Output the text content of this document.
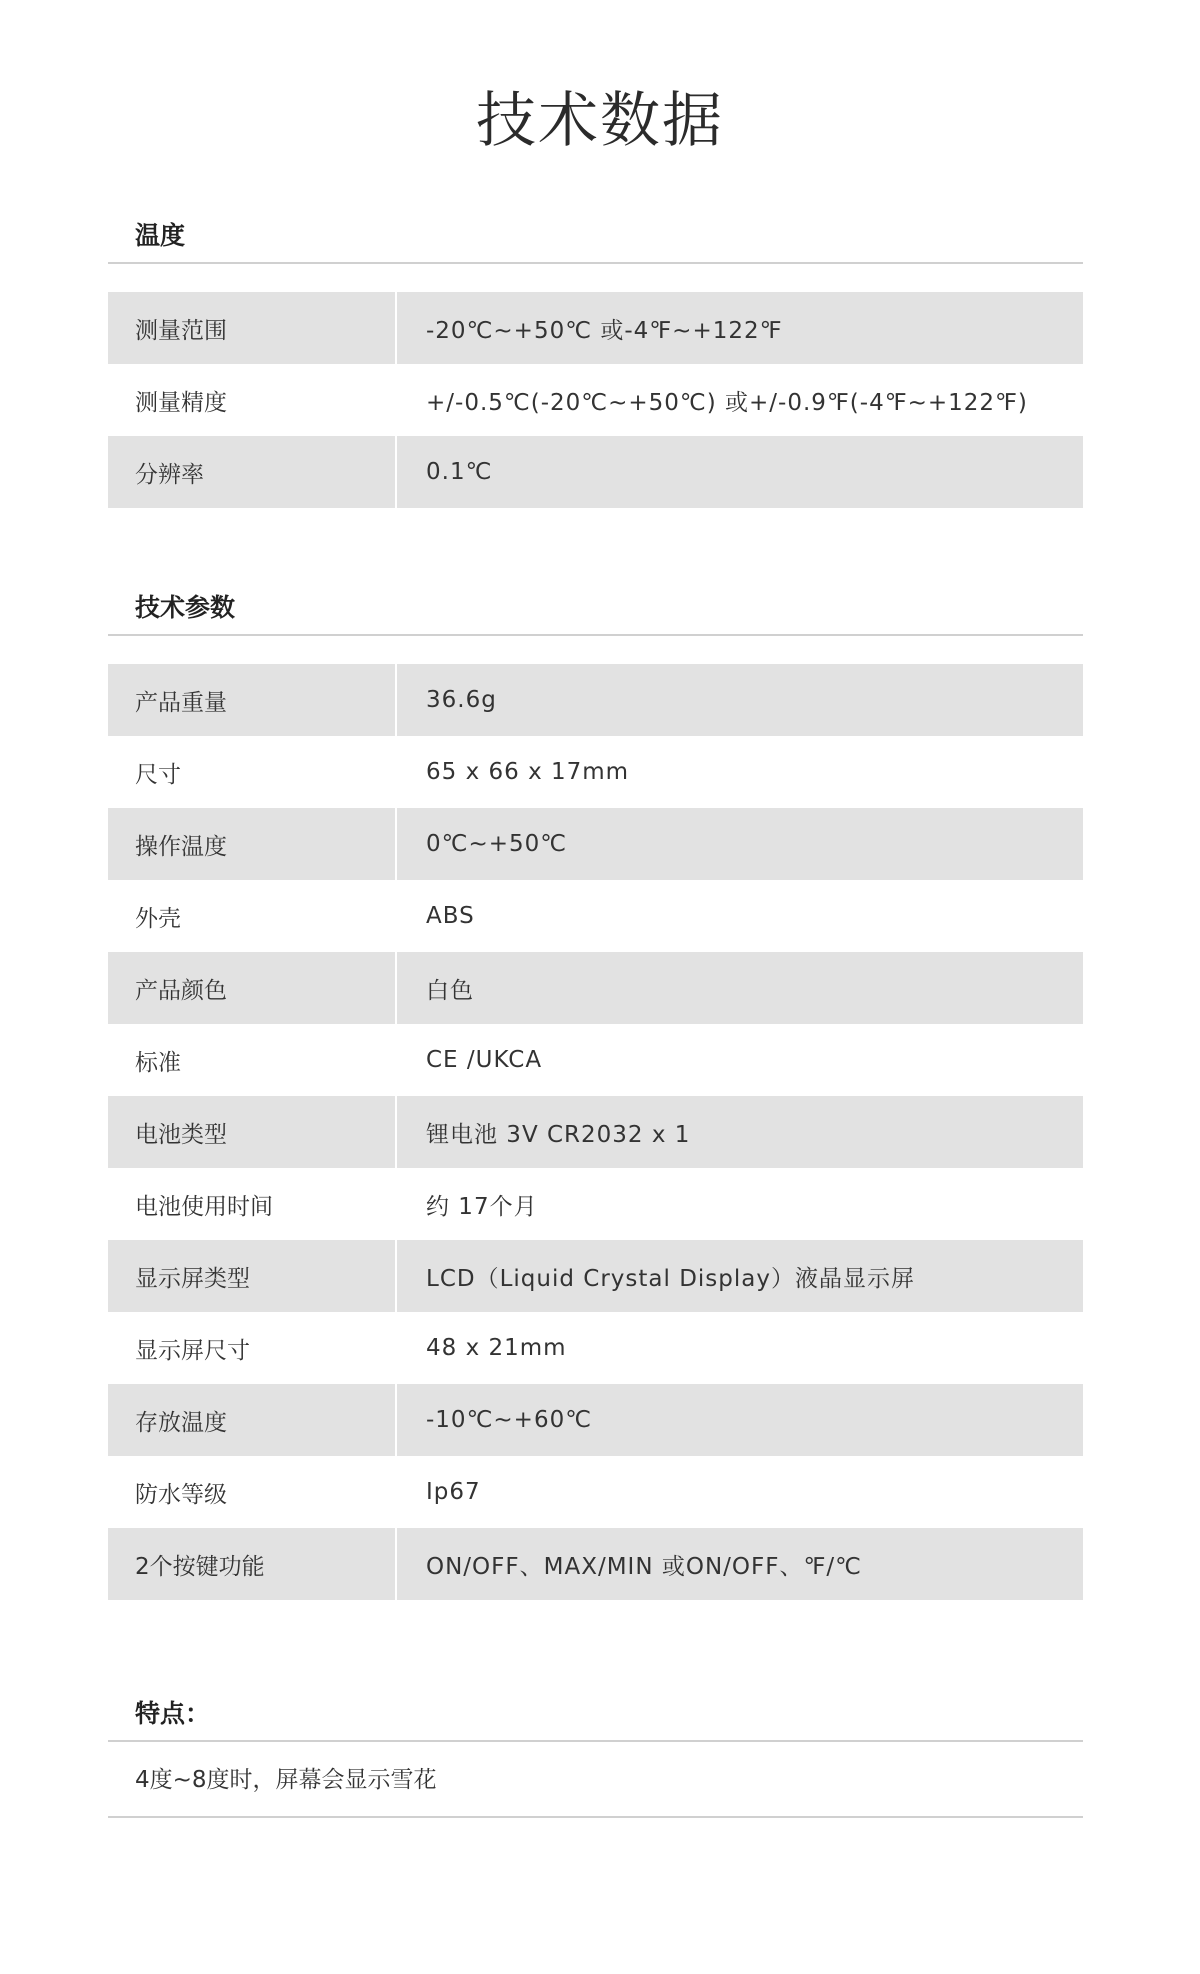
技术数据
温度
测量范围	-20℃~+50℃ 或-4℉~+122℉
测量精度	+/-0.5℃(-20℃~+50℃) 或+/-0.9℉(-4℉~+122℉)
分辨率	0.1℃
技术参数
产品重量	36.6g
尺寸	65 x 66 x 17mm
操作温度	0℃~+50℃
外壳	ABS
产品颜色	白色
标准	CE /UKCA
电池类型	锂电池 3V CR2032 x 1
电池使用时间	约 17个月
显示屏类型	LCD（Liquid Crystal Display）液晶显示屏
显示屏尺寸	48 x 21mm
存放温度	-10℃~+60℃
防水等级	Ip67
2个按键功能	ON/OFF、MAX/MIN 或ON/OFF、℉/℃
特点：
4度~8度时，屏幕会显示雪花
